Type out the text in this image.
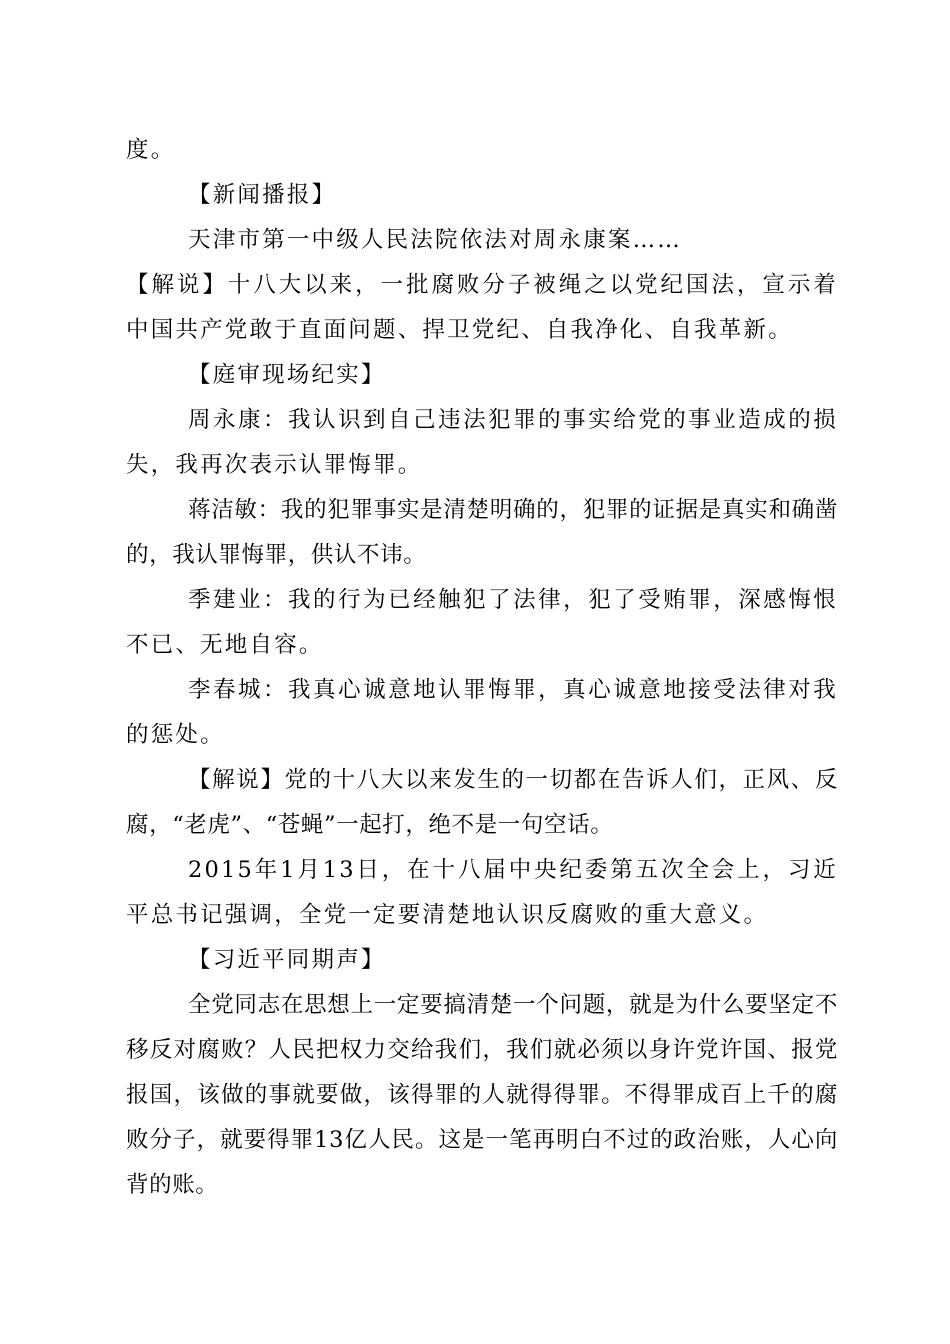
度。

【新闻播报】

天津市第一中级人民法院依法对周永康案……

【解说】十八大以来，一批腐败分子被绳之以党纪国法，宣示着中国共产党敢于直面问题、捍卫党纪、自我净化、自我革新。

【庭审现场纪实】

周永康：我认识到自己违法犯罪的事实给党的事业造成的损失，我再次表示认罪悔罪。

蒋洁敏：我的犯罪事实是清楚明确的，犯罪的证据是真实和确凿的，我认罪悔罪，供认不讳。

季建业：我的行为已经触犯了法律，犯了受贿罪，深感悔恨不已、无地自容。

李春城：我真心诚意地认罪悔罪，真心诚意地接受法律对我的惩处。

【解说】党的十八大以来发生的一切都在告诉人们，正风、反腐，“老虎”、“苍蝇”一起打，绝不是一句空话。

2015年1月13日，在十八届中央纪委第五次全会上，习近平总书记强调，全党一定要清楚地认识反腐败的重大意义。

【习近平同期声】

全党同志在思想上一定要搞清楚一个问题，就是为什么要坚定不移反对腐败？人民把权力交给我们，我们就必须以身许党许国、报党报国，该做的事就要做，该得罪的人就得得罪。不得罪成百上千的腐败分子，就要得罪13亿人民。这是一笔再明白不过的政治账，人心向背的账。
